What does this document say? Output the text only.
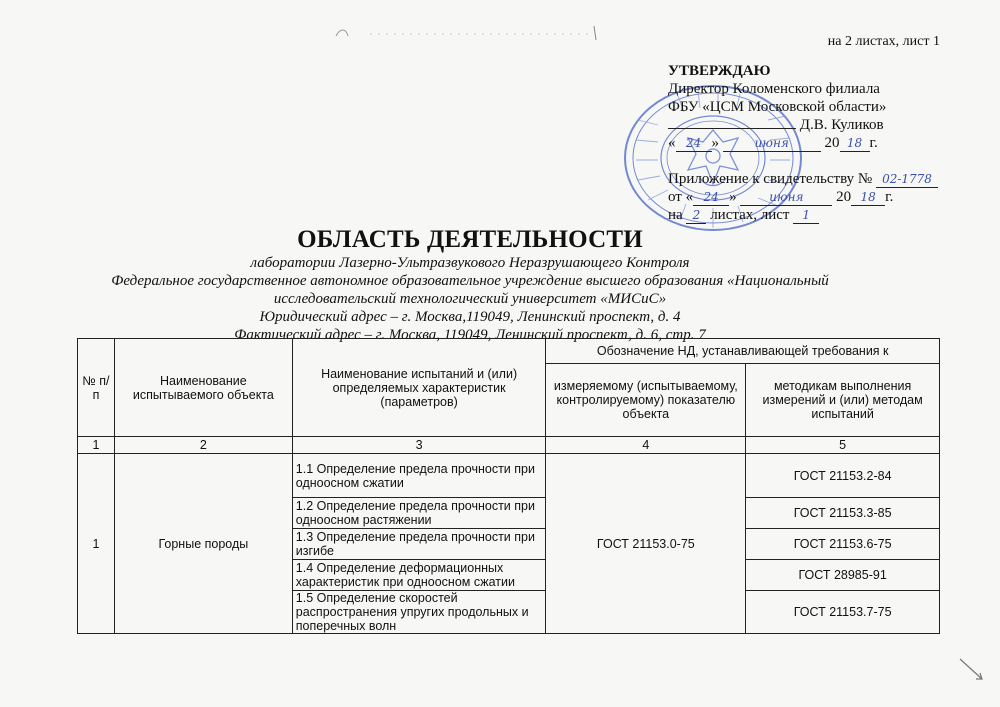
на 2 листах, лист 1
УТВЕРЖДАЮ
Директор Коломенского филиала
ФБУ «ЦСМ Московской области»
Д.В. Куликов
« 24 »	июня 20 18 г.
Приложение к свидетельству № 02-1778
от « 24 »	июня 20 18 г.
на 2 листах, лист 1
ОБЛАСТЬ ДЕЯТЕЛЬНОСТИ
лаборатории Лазерно-Ультразвукового Неразрушающего Контроля
Федеральное государственное автономное образовательное учреждение высшего образования «Национальный
исследовательский технологический университет «МИСиС»
Юридический адрес – г. Москва,119049, Ленинский проспект, д. 4
Фактический адрес – г. Москва, 119049, Ленинский проспект, д. 6, стр. 7
№ п/п	Наименование испытываемого объекта	Наименование испытаний и (или) определяемых характеристик (параметров)	Обозначение НД, устанавливающей требования к	
			измеряемому (испытываемому, контролируемому) показателю объекта	методикам выполнения измерений и (или) методам испытаний
1	2	3	4	5
1	Горные породы	1.1 Определение предела прочности при одноосном сжатии	ГОСТ 21153.0-75	ГОСТ 21153.2-84
		1.2 Определение предела прочности при одноосном растяжении		ГОСТ 21153.3-85
		1.3 Определение предела прочности при изгибе		ГОСТ 21153.6-75
		1.4 Определение деформационных характеристик при одноосном сжатии		ГОСТ 28985-91
		1.5 Определение скоростей распространения упругих продольных и поперечных волн		ГОСТ 21153.7-75
